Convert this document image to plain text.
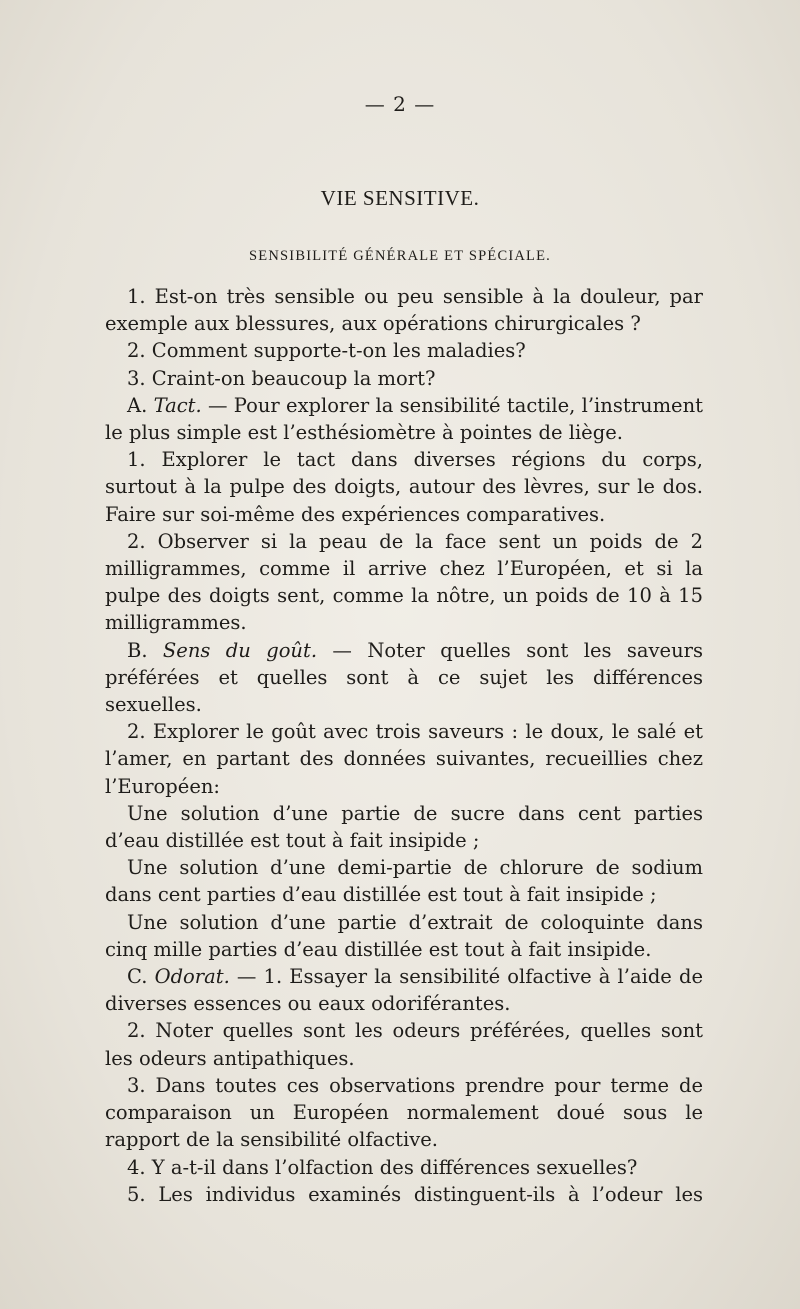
— 2 —
VIE SENSITIVE.
SENSIBILITÉ GÉNÉRALE ET SPÉCIALE.

1. Est-on très sensible ou peu sensible à la douleur, par exemple aux blessures, aux opérations chirurgicales ?

2. Comment supporte-t-on les maladies?

3. Craint-on beaucoup la mort?

A. Tact. — Pour explorer la sensibilité tactile, l’instrument le plus simple est l’esthésiomètre à pointes de liège.

1. Explorer le tact dans diverses régions du corps, surtout à la pulpe des doigts, autour des lèvres, sur le dos. Faire sur soi-même des expériences comparatives.

2. Observer si la peau de la face sent un poids de 2 milligrammes, comme il arrive chez l’Européen, et si la pulpe des doigts sent, comme la nôtre, un poids de 10 à 15 milligrammes.

B. Sens du goût. — Noter quelles sont les saveurs préférées et quelles sont à ce sujet les différences sexuelles.

2. Explorer le goût avec trois saveurs : le doux, le salé et l’amer, en partant des données suivantes, recueillies chez l’Européen:

Une solution d’une partie de sucre dans cent parties d’eau distillée est tout à fait insipide ;

Une solution d’une demi-partie de chlorure de sodium dans cent parties d’eau distillée est tout à fait insipide ;

Une solution d’une partie d’extrait de coloquinte dans cinq mille parties d’eau distillée est tout à fait insipide.

C. Odorat. — 1. Essayer la sensibilité olfactive à l’aide de diverses essences ou eaux odoriférantes.

2. Noter quelles sont les odeurs préférées, quelles sont les odeurs antipathiques.

3. Dans toutes ces observations prendre pour terme de comparaison un Européen normalement doué sous le rapport de la sensibilité olfactive.

4. Y a-t-il dans l’olfaction des différences sexuelles?

5. Les individus examinés distinguent-ils à l’odeur les
